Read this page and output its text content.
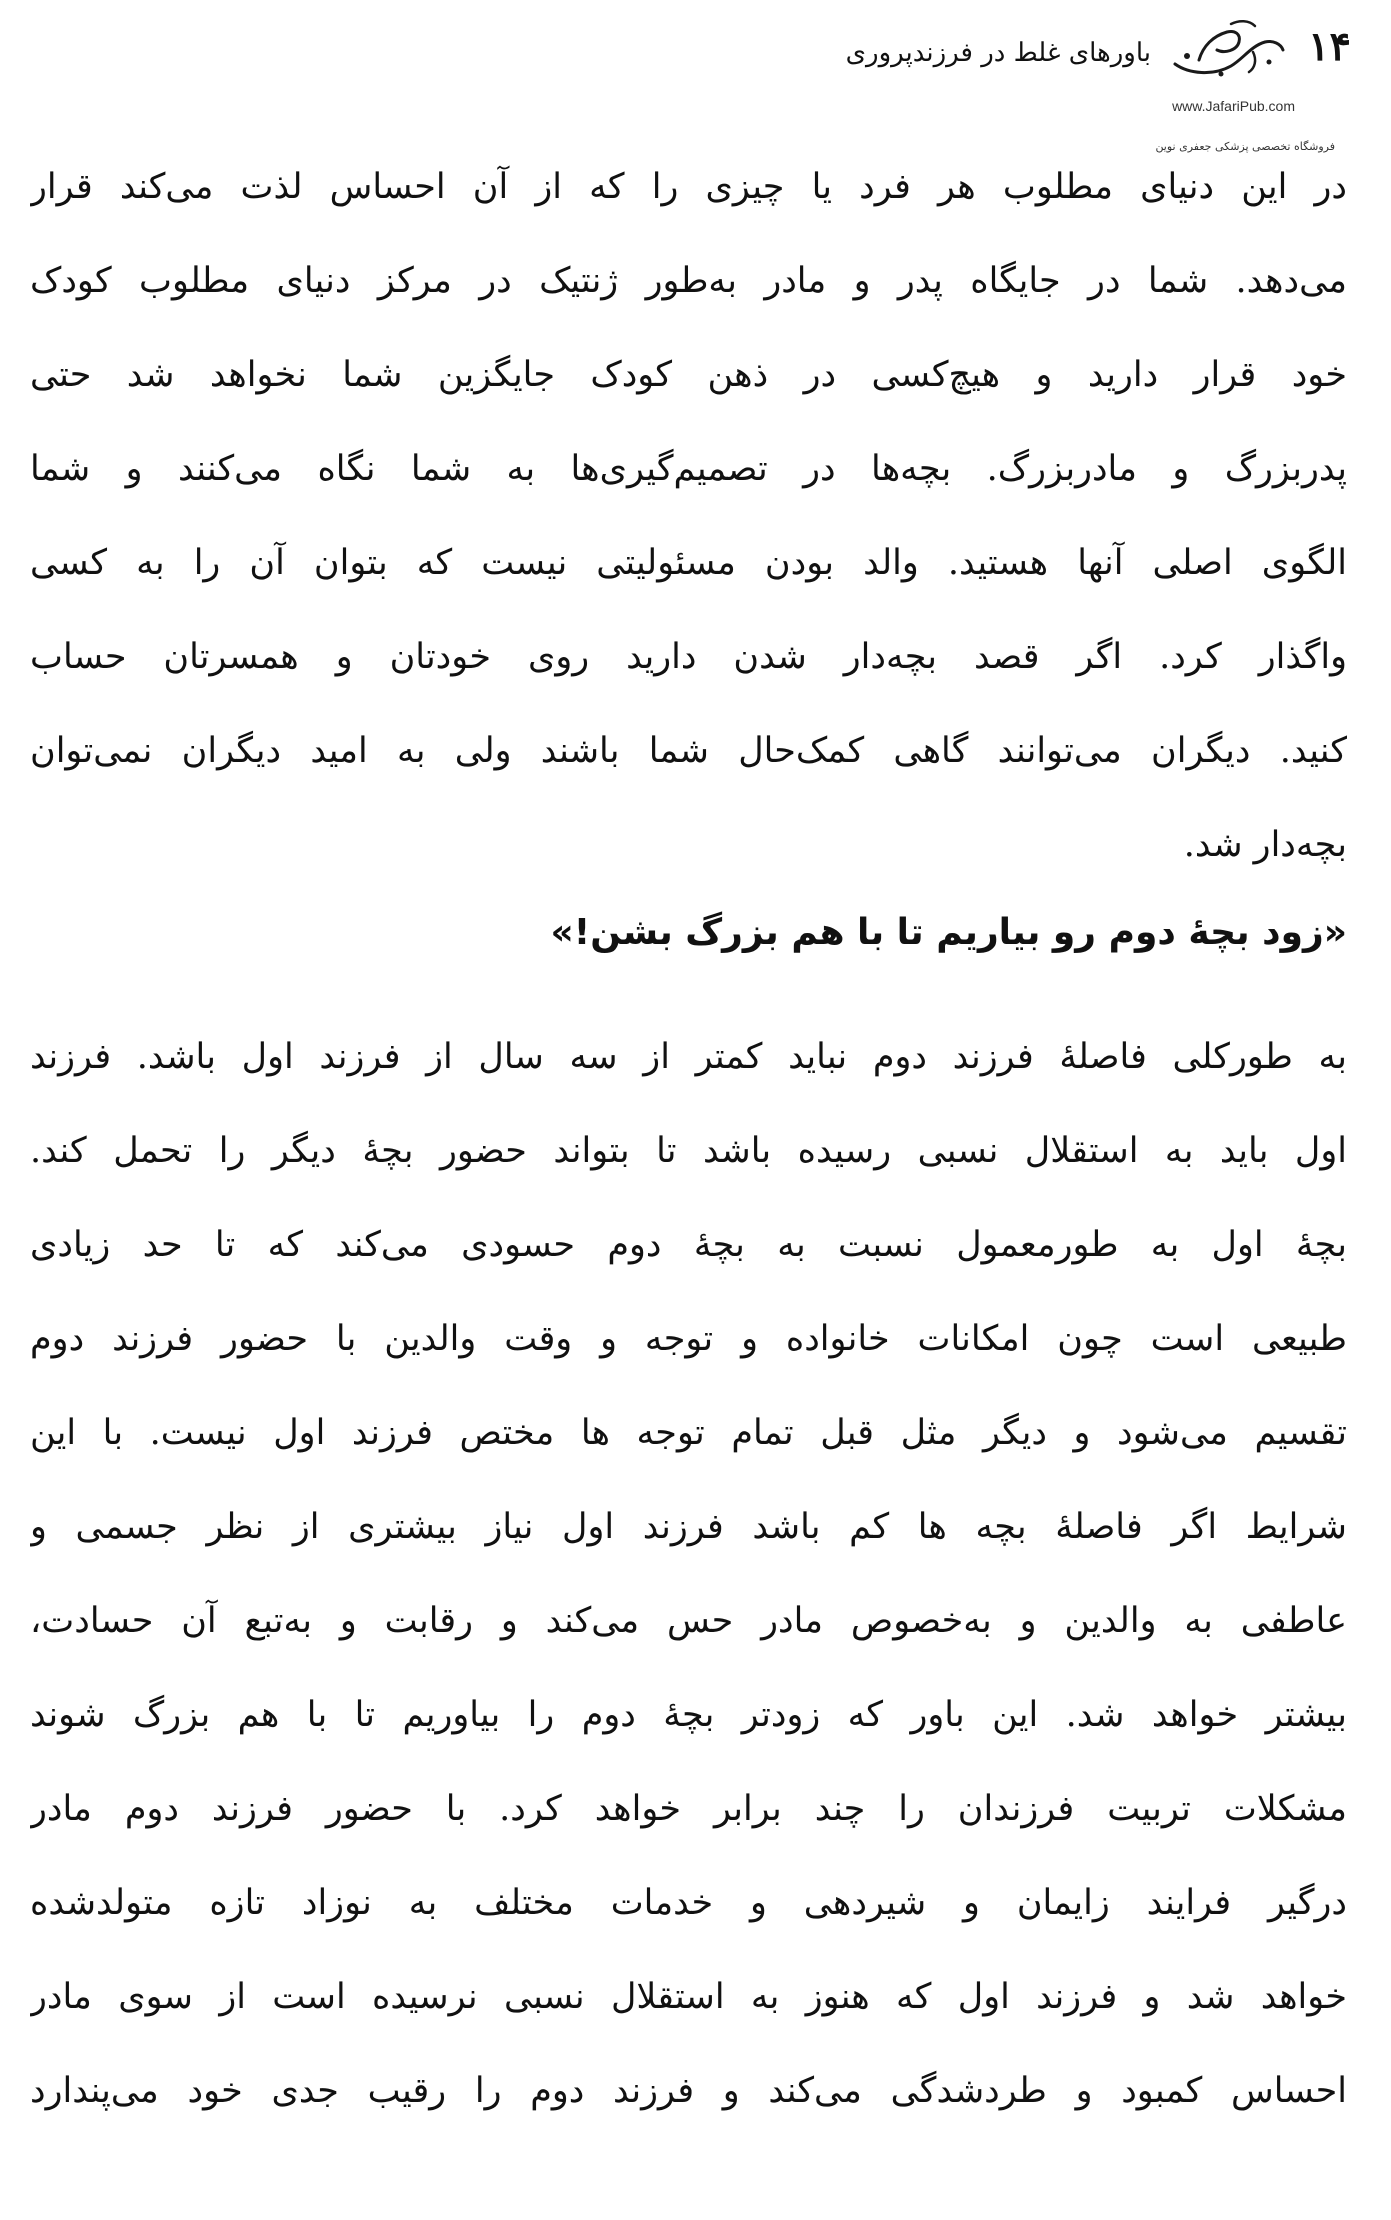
۱۴
باورهای غلط در فرزندپروری
www.JafariPub.com
فروشگاه تخصصی پزشکی جعفری نوین
در این دنیای مطلوب هر فرد یا چیزی را که از آن احساس لذت می‌کند قرار
می‌دهد. شما در جایگاه پدر و مادر به‌طور ژنتیک در مرکز دنیای مطلوب کودک
خود قرار دارید و هیچ‌کسی در ذهن کودک جایگزین شما نخواهد شد حتی
پدربزرگ و مادربزرگ. بچه‌ها در تصمیم‌گیری‌ها به شما نگاه می‌کنند و شما
الگوی اصلی آنها هستید. والد بودن مسئولیتی نیست که بتوان آن را به کسی
واگذار کرد. اگر قصد بچه‌دار شدن دارید روی خودتان و همسرتان حساب
کنید. دیگران می‌توانند گاهی کمک‌حال شما باشند ولی به امید دیگران نمی‌توان
بچه‌دار شد.
«زود بچهٔ دوم رو بیاریم تا با هم بزرگ بشن!»
به طورکلی فاصلهٔ فرزند دوم نباید کمتر از سه سال از فرزند اول باشد. فرزند
اول باید به استقلال نسبی رسیده باشد تا بتواند حضور بچهٔ دیگر را تحمل کند.
بچهٔ اول به طورمعمول نسبت به بچهٔ دوم حسودی می‌کند که تا حد زیادی
طبیعی است چون امکانات خانواده و توجه و وقت والدین با حضور فرزند دوم
تقسیم می‌شود و دیگر مثل قبل تمام توجه ها مختص فرزند اول نیست. با این
شرایط اگر فاصلهٔ بچه ها کم باشد فرزند اول نیاز بیشتری از نظر جسمی و
عاطفی به والدین و به‌خصوص مادر حس می‌کند و رقابت و به‌تبع آن حسادت،
بیشتر خواهد شد. این باور که زودتر بچهٔ دوم را بیاوریم تا با هم بزرگ شوند
مشکلات تربیت فرزندان را چند برابر خواهد کرد. با حضور فرزند دوم مادر
درگیر فرایند زایمان و شیردهی و خدمات مختلف به نوزاد تازه متولدشده
خواهد شد و فرزند اول که هنوز به استقلال نسبی نرسیده است از سوی مادر
احساس کمبود و طردشدگی می‌کند و فرزند دوم را رقیب جدی خود می‌پندارد
